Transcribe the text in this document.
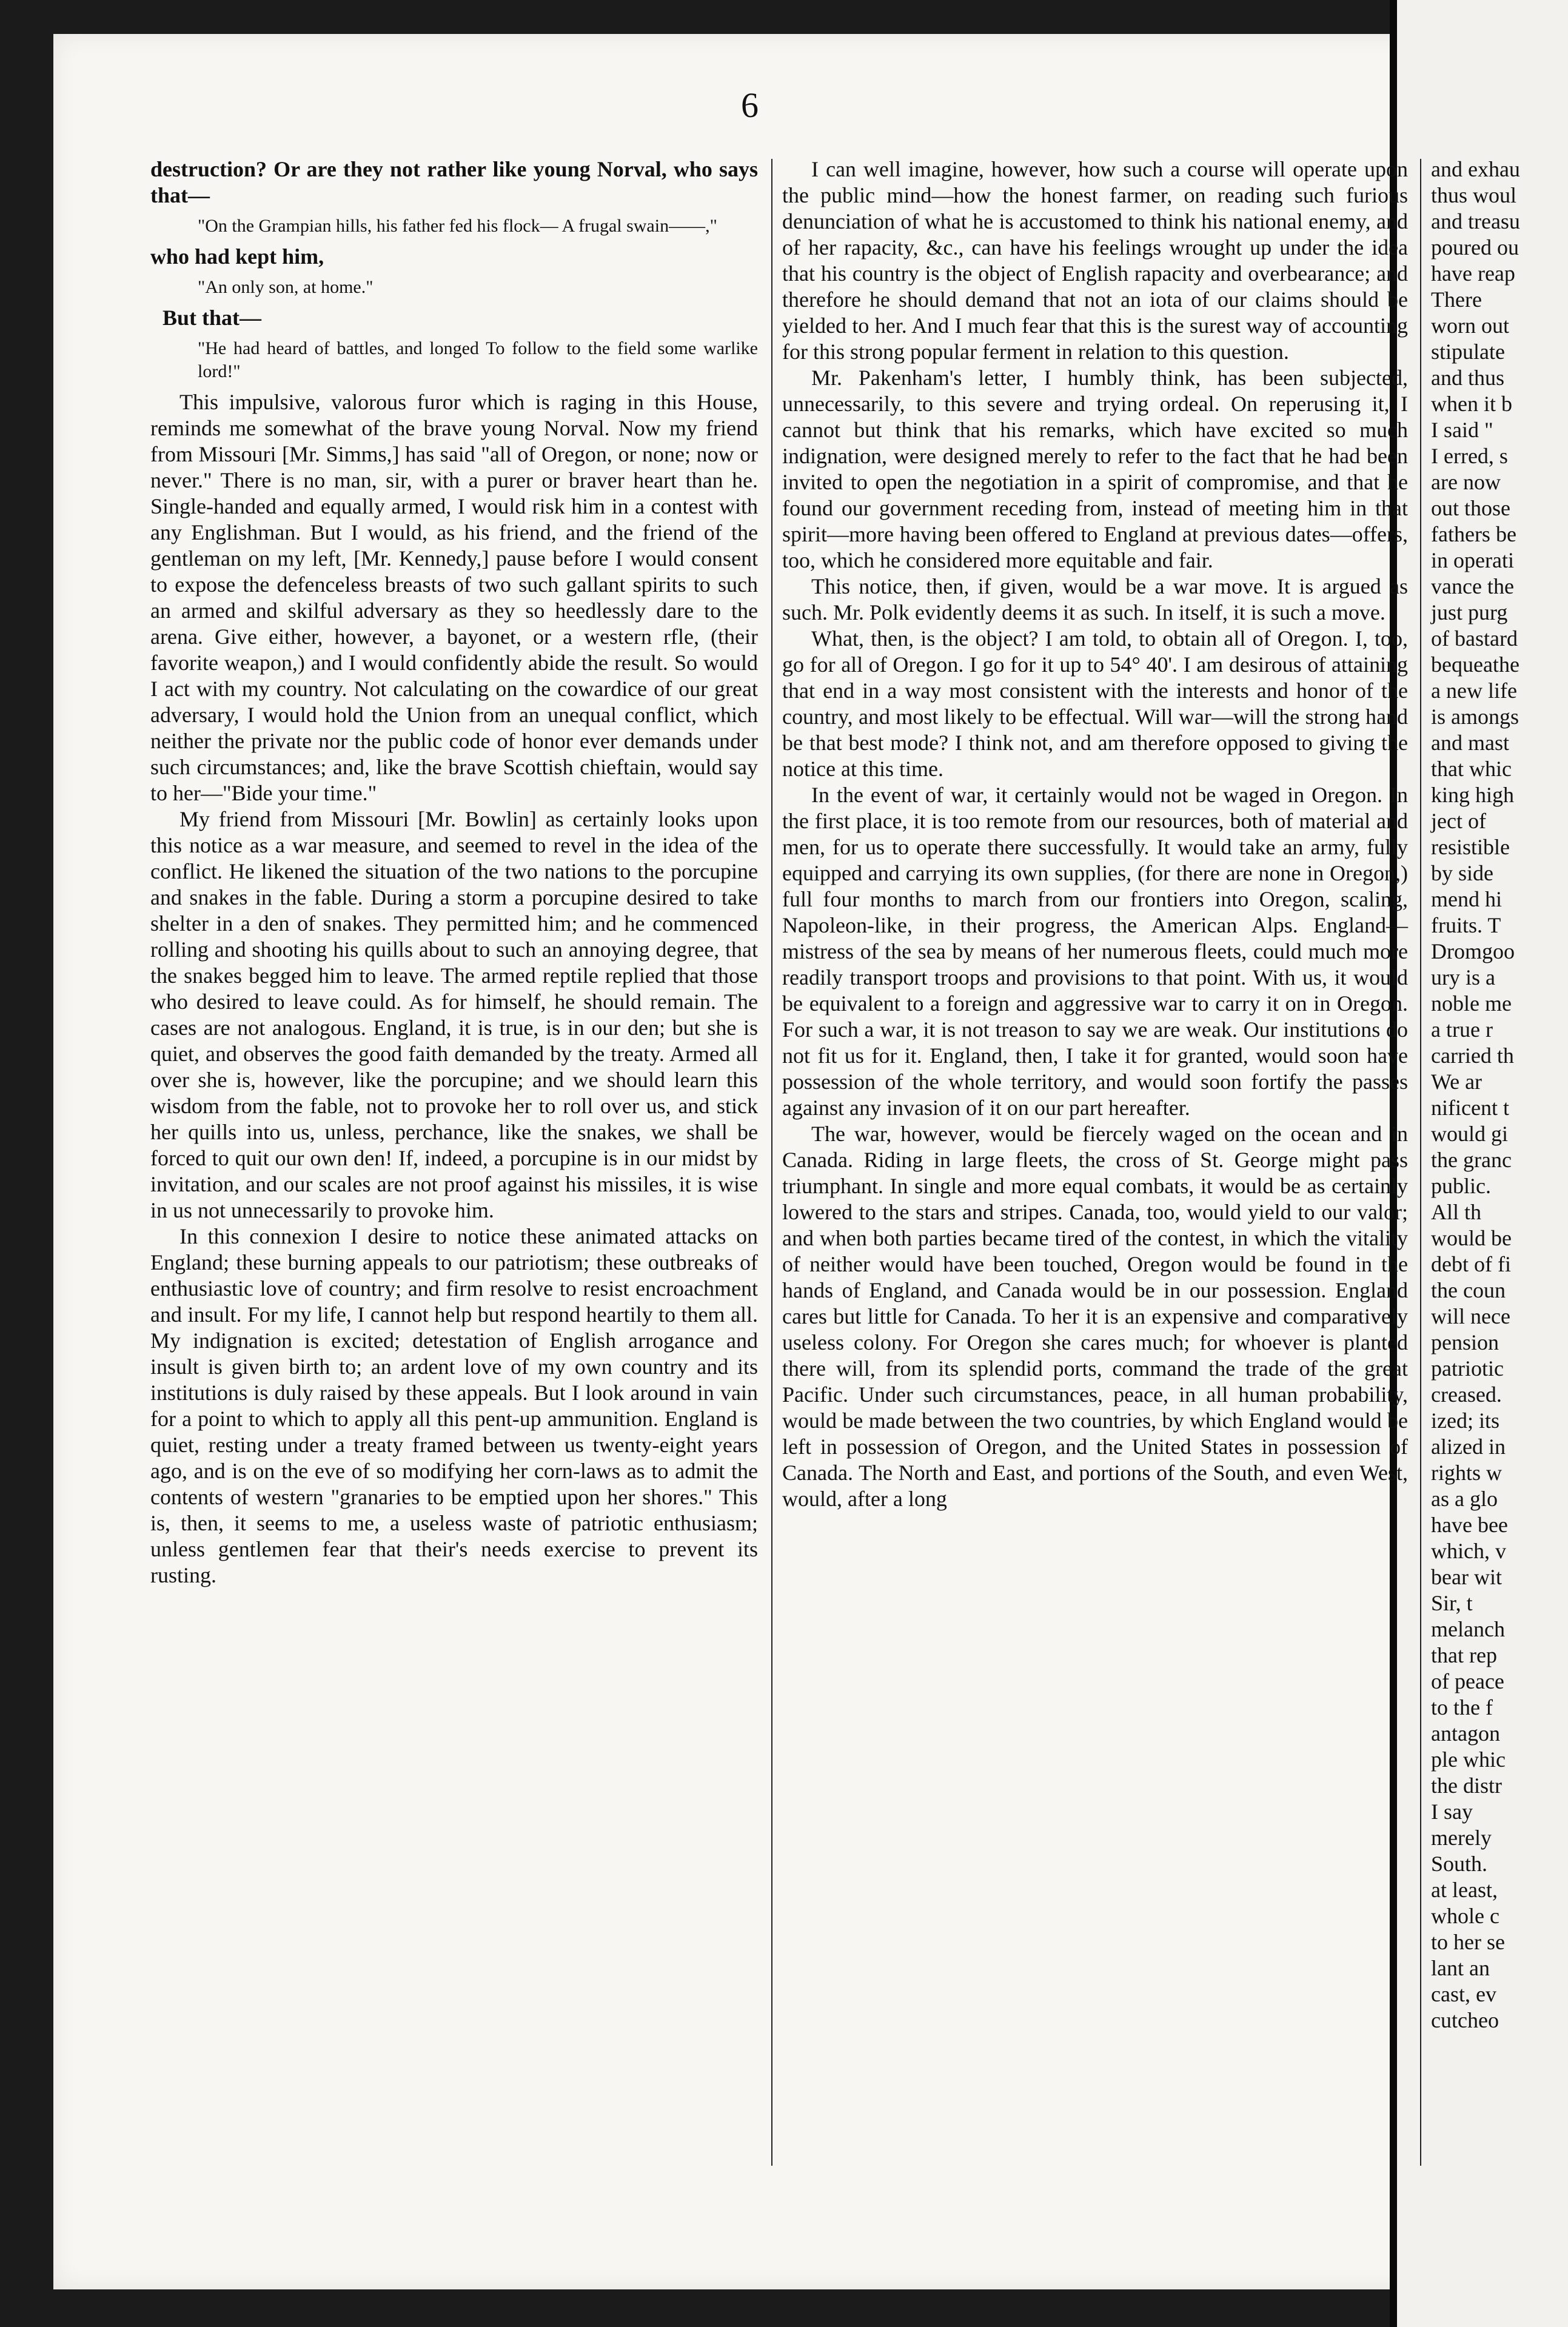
6

destruction? Or are they not rather like young Norval, who says that—

"On the Grampian hills, his father fed his flock— A frugal swain——,"

who had kept him,

"An only son, at home."

But that—

"He had heard of battles, and longed To follow to the field some warlike lord!"

This impulsive, valorous furor which is raging in this House, reminds me somewhat of the brave young Norval. Now my friend from Missouri [Mr. Simms,] has said "all of Oregon, or none; now or never." There is no man, sir, with a purer or braver heart than he. Single-handed and equally armed, I would risk him in a contest with any Englishman. But I would, as his friend, and the friend of the gentleman on my left, [Mr. Kennedy,] pause before I would consent to expose the defenceless breasts of two such gallant spirits to such an armed and skilful adversary as they so heedlessly dare to the arena. Give either, however, a bayonet, or a western rfle, (their favorite weapon,) and I would confidently abide the result. So would I act with my country. Not calculating on the cowardice of our great adversary, I would hold the Union from an unequal conflict, which neither the private nor the public code of honor ever demands under such circumstances; and, like the brave Scottish chieftain, would say to her—"Bide your time."

My friend from Missouri [Mr. Bowlin] as certainly looks upon this notice as a war measure, and seemed to revel in the idea of the conflict. He likened the situation of the two nations to the porcupine and snakes in the fable. During a storm a porcupine desired to take shelter in a den of snakes. They permitted him; and he commenced rolling and shooting his quills about to such an annoying degree, that the snakes begged him to leave. The armed reptile replied that those who desired to leave could. As for himself, he should remain. The cases are not analogous. England, it is true, is in our den; but she is quiet, and observes the good faith demanded by the treaty. Armed all over she is, however, like the porcupine; and we should learn this wisdom from the fable, not to provoke her to roll over us, and stick her quills into us, unless, perchance, like the snakes, we shall be forced to quit our own den! If, indeed, a porcupine is in our midst by invitation, and our scales are not proof against his missiles, it is wise in us not unnecessarily to provoke him.

In this connexion I desire to notice these animated attacks on England; these burning appeals to our patriotism; these outbreaks of enthusiastic love of country; and firm resolve to resist encroachment and insult. For my life, I cannot help but respond heartily to them all. My indignation is excited; detestation of English arrogance and insult is given birth to; an ardent love of my own country and its institutions is duly raised by these appeals. But I look around in vain for a point to which to apply all this pent-up ammunition. England is quiet, resting under a treaty framed between us twenty-eight years ago, and is on the eve of so modifying her corn-laws as to admit the contents of western "granaries to be emptied upon her shores." This is, then, it seems to me, a useless waste of patriotic enthusiasm; unless gentlemen fear that their's needs exercise to prevent its rusting.

I can well imagine, however, how such a course will operate upon the public mind—how the honest farmer, on reading such furious denunciation of what he is accustomed to think his national enemy, and of her rapacity, &c., can have his feelings wrought up under the idea that his country is the object of English rapacity and overbearance; and therefore he should demand that not an iota of our claims should be yielded to her. And I much fear that this is the surest way of accounting for this strong popular ferment in relation to this question.

Mr. Pakenham's letter, I humbly think, has been subjected, unnecessarily, to this severe and trying ordeal. On reperusing it, I cannot but think that his remarks, which have excited so much indignation, were designed merely to refer to the fact that he had been invited to open the negotiation in a spirit of compromise, and that he found our government receding from, instead of meeting him in that spirit—more having been offered to England at previous dates—offers, too, which he considered more equitable and fair.

This notice, then, if given, would be a war move. It is argued as such. Mr. Polk evidently deems it as such. In itself, it is such a move.

What, then, is the object? I am told, to obtain all of Oregon. I, too, go for all of Oregon. I go for it up to 54° 40'. I am desirous of attaining that end in a way most consistent with the interests and honor of the country, and most likely to be effectual. Will war—will the strong hand be that best mode? I think not, and am therefore opposed to giving the notice at this time.

In the event of war, it certainly would not be waged in Oregon. In the first place, it is too remote from our resources, both of material and men, for us to operate there successfully. It would take an army, fully equipped and carrying its own supplies, (for there are none in Oregon,) full four months to march from our frontiers into Oregon, scaling, Napoleon-like, in their progress, the American Alps. England—mistress of the sea by means of her numerous fleets, could much more readily transport troops and provisions to that point. With us, it would be equivalent to a foreign and aggressive war to carry it on in Oregon. For such a war, it is not treason to say we are weak. Our institutions do not fit us for it. England, then, I take it for granted, would soon have possession of the whole territory, and would soon fortify the passes against any invasion of it on our part hereafter.

The war, however, would be fiercely waged on the ocean and in Canada. Riding in large fleets, the cross of St. George might pass triumphant. In single and more equal combats, it would be as certainly lowered to the stars and stripes. Canada, too, would yield to our valor; and when both parties became tired of the contest, in which the vitality of neither would have been touched, Oregon would be found in the hands of England, and Canada would be in our possession. England cares but little for Canada. To her it is an expensive and comparatively useless colony. For Oregon she cares much; for whoever is planted there will, from its splendid ports, command the trade of the great Pacific. Under such circumstances, peace, in all human probability, would be made between the two countries, by which England would be left in possession of Oregon, and the United States in possession of Canada. The North and East, and portions of the South, and even West, would, after a long

and exhau
thus woul
and treasu
poured ou
have reap
There
worn out
stipulate
and thus
when it b
I said "
I erred, s
are now
out those
fathers be
in operati
vance the
just purg
of bastard
bequeathe
a new life
is amongs
and mast
that whic
king high
ject of
resistible
by side
mend hi
fruits. T
Dromgoo
ury is a
noble me
a true r
carried th
We ar
nificent t
would gi
the granc
public.
All th
would be
debt of fi
the coun
will nece
pension
patriotic
creased.
ized; its
alized in
rights w
as a glo
have bee
which, v
bear wit
Sir, t
melanch
that rep
of peace
to the f
antagon
ple whic
the distr
I say
merely
South.
at least,
whole c
to her se
lant an
cast, ev
cutcheo
